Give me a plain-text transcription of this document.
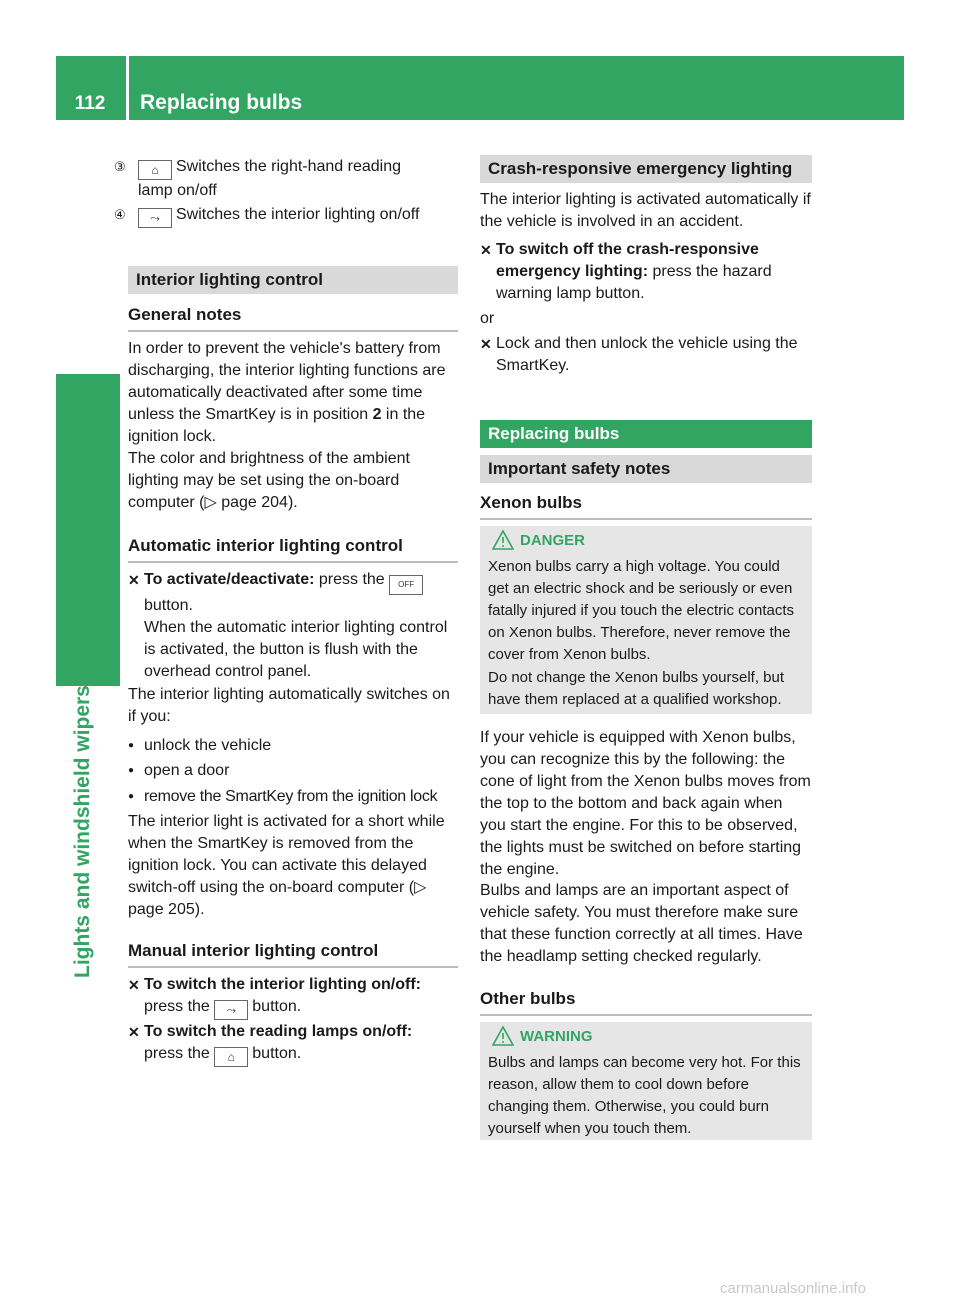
112	Replacing bulbs
Lights and windshield wipers
③	⌂ Switches the right-hand reading
lamp on/off
④	⤳ Switches the interior lighting on/off
Interior lighting control
General notes

In order to prevent the vehicle's battery from discharging, the interior lighting functions are automatically deactivated after some time unless the SmartKey is in position 2 in the ignition lock.

The color and brightness of the ambient lighting may be set using the on-board computer (▷ page 204).

Automatic interior lighting control
✕ To activate/deactivate: press the OFF
button.
When the automatic interior lighting control is activated, the button is flush with the overhead control panel.

The interior lighting automatically switches on if you:

● unlock the vehicle
● open a door
● remove the SmartKey from the ignition lock

The interior light is activated for a short while when the SmartKey is removed from the ignition lock. You can activate this delayed switch-off using the on-board computer (▷ page 205).

Manual interior lighting control
✕ To switch the interior lighting on/off:
press the ⤳ button.
✕ To switch the reading lamps on/off:
press the ⌂ button.
Crash-responsive emergency lighting

The interior lighting is activated automatically if the vehicle is involved in an accident.

✕ To switch off the crash-responsive emergency lighting: press the hazard warning lamp button.

or

✕ Lock and then unlock the vehicle using the SmartKey.
Replacing bulbs
Important safety notes
Xenon bulbs
DANGER
Xenon bulbs carry a high voltage. You could get an electric shock and be seriously or even fatally injured if you touch the electric contacts on Xenon bulbs. Therefore, never remove the cover from Xenon bulbs.
Do not change the Xenon bulbs yourself, but have them replaced at a qualified workshop.

If your vehicle is equipped with Xenon bulbs, you can recognize this by the following: the cone of light from the Xenon bulbs moves from the top to the bottom and back again when you start the engine. For this to be observed, the lights must be switched on before starting the engine.

Bulbs and lamps are an important aspect of vehicle safety. You must therefore make sure that these function correctly at all times. Have the headlamp setting checked regularly.

Other bulbs
WARNING
Bulbs and lamps can become very hot. For this reason, allow them to cool down before changing them. Otherwise, you could burn yourself when you touch them.
carmanualsonline.info
